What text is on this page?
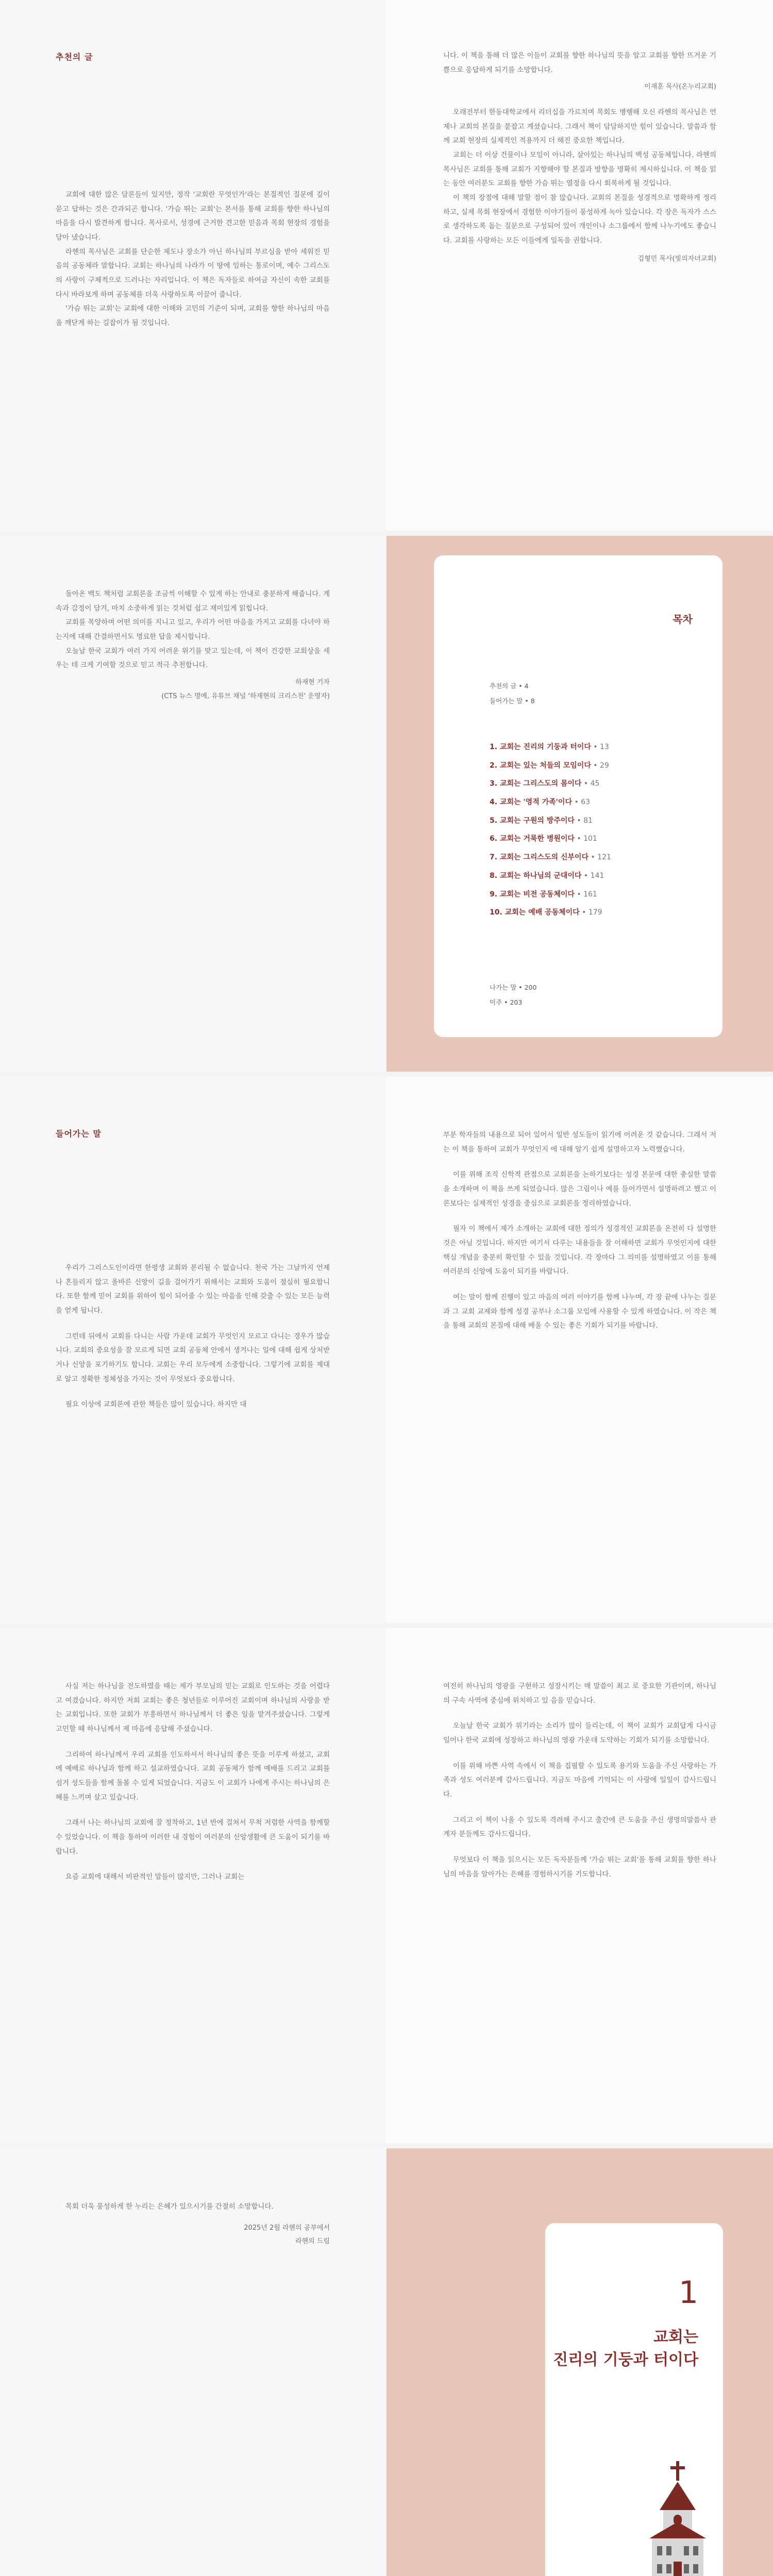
추천의 글

교회에 대한 많은 담론들이 있지만, 정작 '교회란 무엇인가'라는 본질적인 질문에 깊이 묻고 답하는 것은 간과되곤 합니다. '가슴 뛰는 교회'는 본서를 통해 교회를 향한 하나님의 마음을 다시 발견하게 합니다. 목사로서, 성경에 근거한 견고한 믿음과 목회 현장의 경험을 담아 냈습니다.

라헨의 목사님은 교회를 단순한 제도나 장소가 아닌 하나님의 부르심을 받아 세워진 믿음의 공동체라 말합니다. 교회는 하나님의 나라가 이 땅에 임하는 통로이며, 예수 그리스도의 사랑이 구체적으로 드러나는 자리입니다. 이 책은 독자들로 하여금 자신이 속한 교회를 다시 바라보게 하며 공동체를 더욱 사랑하도록 이끌어 줍니다.

'가슴 뛰는 교회'는 교회에 대한 이해와 고민의 기준이 되며, 교회를 향한 하나님의 마음을 깨닫게 하는 길잡이가 될 것입니다.

니다. 이 책을 통해 더 많은 이들이 교회를 향한 하나님의 뜻을 알고 교회를 향한 뜨거운 기쁨으로 응답하게 되기를 소망합니다.

이재훈 목사(온누리교회)

오래전부터 한동대학교에서 리더십을 가르치며 목회도 병행해 오신 라헨의 목사님은 언제나 교회의 본질을 붙잡고 계셨습니다. 그래서 책이 담담하지만 힘이 있습니다. 말씀과 함께 교회 현장의 실제적인 적용까지 더 해진 중요한 책입니다.

교회는 더 이상 건물이나 모임이 아니라, 살아있는 하나님의 백성 공동체입니다. 라헨의 목사님은 교회를 통해 교회가 지향해야 할 본질과 방향을 명확히 제시하십니다. 이 책을 읽는 동안 여러분도 교회를 향한 가슴 뛰는 열정을 다시 회복하게 될 것입니다.

이 책의 장점에 대해 말할 점이 참 많습니다. 교회의 본질을 성경적으로 명확하게 정리하고, 실제 목회 현장에서 경험한 이야기들이 풍성하게 녹아 있습니다. 각 장은 독자가 스스로 생각하도록 돕는 질문으로 구성되어 있어 개인이나 소그룹에서 함께 나누기에도 좋습니다. 교회를 사랑하는 모든 이들에게 일독을 권합니다.

김형민 목사(빛의자녀교회)

돌아온 백도 책처럼 교회론을 조금씩 이해할 수 있게 하는 안내로 충분하게 해줍니다. 계속과 감정이 담겨, 마치 소중하게 읽는 것처럼 쉽고 재미있게 읽힙니다.

교회를 목양하며 어떤 의미를 지니고 있고, 우리가 어떤 마음을 가지고 교회를 다녀야 하는지에 대해 간결하면서도 명료한 답을 제시합니다.

오늘날 한국 교회가 여러 가지 어려운 위기를 맞고 있는데, 이 책이 건강한 교회상을 세우는 데 크게 기여할 것으로 믿고 적극 추천합니다.

하재현 기자
(CTS 뉴스 명예, 유튜브 채널 '하재현의 크리스천' 운영자)
목차
추천의 글 • 4
들어가는 말 • 8
1. 교회는 진리의 기둥과 터이다 • 13
2. 교회는 있는 처들의 모임이다 • 29
3. 교회는 그리스도의 몸이다 • 45
4. 교회는 '영적 가족'이다 • 63
5. 교회는 구원의 방주이다 • 81
6. 교회는 거룩한 병원이다 • 101
7. 교회는 그리스도의 신부이다 • 121
8. 교회는 하나님의 군대이다 • 141
9. 교회는 비전 공동체이다 • 161
10. 교회는 예배 공동체이다 • 179
나가는 말 • 200
미주 • 203
들어가는 말

우리가 그리스도인이라면 한평생 교회와 분리될 수 없습니다. 천국 가는 그날까지 언제나 흔들리지 않고 올바른 신앙이 길을 걸어가기 위해서는 교회와 도움이 절실히 필요합니다. 또한 함께 믿어 교회를 위하여 힘이 되어줄 수 있는 마음을 인해 갖출 수 있는 모든 능력을 얻게 됩니다.

그런데 뒤에서 교회를 다니는 사람 가운데 교회가 무엇인지 모르고 다니는 경우가 많습니다. 교회의 중요성을 잘 모르게 되면 교회 공동체 안에서 생겨나는 일에 대해 쉽게 상처받거나 신앙을 포기하기도 합니다. 교회는 우리 모두에게 소중합니다. 그렇기에 교회를 제대로 알고 정확한 정체성을 가지는 것이 무엇보다 중요합니다.

필요 이상에 교회론에 관한 책들은 많이 있습니다. 하지만 대

부분 학자들의 내용으로 되어 있어서 일반 성도들이 읽기에 어려운 것 같습니다. 그래서 저는 이 책을 통하여 교회가 무엇인지 에 대해 알기 쉽게 설명하고자 노력했습니다.

이를 위해 조직 신학적 관점으로 교회론을 논하기보다는 성경 본문에 대한 충실한 말씀을 소개하며 이 책을 쓰게 되었습니다. 많은 그림이나 예를 들어가면서 설명하려고 했고 이론보다는 실제적인 성경을 중심으로 교회론을 정리하였습니다.

필자 이 책에서 제가 소개하는 교회에 대한 정의가 성경적인 교회론을 온전히 다 설명한 것은 아닐 것입니다. 하지만 여기서 다루는 내용들을 잘 이해하면 교회가 무엇인지에 대한 핵심 개념을 충분히 확인할 수 있을 것입니다. 각 장마다 그 의미를 설명하였고 이를 통해 여러분의 신앙에 도움이 되기를 바랍니다.

여는 말이 함께 진행이 있고 마음의 여러 이야기를 함께 나누며, 각 장 끝에 나누는 질문과 그 교회 교제와 함께 성경 공부나 소그룹 모임에 사용할 수 있게 하였습니다. 이 작은 책을 통해 교회의 본질에 대해 배울 수 있는 좋은 기회가 되기를 바랍니다.

사실 저는 하나님을 전도하였을 때는 제가 부모님의 믿는 교회로 인도하는 것을 어렵다고 여겼습니다. 하지만 저희 교회는 좋은 청년들로 이루어진 교회이며 하나님의 사랑을 받는 교회입니다. 또한 교회가 부흥하면서 하나님께서 더 좋은 일을 맡겨주셨습니다. 그렇게 고민할 때 하나님께서 제 마음에 응답해 주셨습니다.

그리하여 하나님께서 우리 교회를 인도하셔서 하나님의 좋은 뜻을 이루게 하셨고, 교회에 예배로 하나님과 함께 하고 설교하였습니다. 교회 공동체가 함께 예배를 드리고 교회를 섬겨 성도들을 함께 돌볼 수 있게 되었습니다. 지금도 이 교회가 나에게 주시는 하나님의 은혜를 느끼며 살고 있습니다.

그래서 나는 하나님의 교회에 잘 정착하고, 1년 반에 걸쳐서 무척 저렴한 사역을 함께할 수 있었습니다. 이 책을 통하여 이러한 내 경험이 여러분의 신앙생활에 큰 도움이 되기를 바랍니다.

요즘 교회에 대해서 비판적인 말들이 많지만, 그러나 교회는

여전히 하나님의 영광을 구현하고 성장시키는 매 말씀이 최고 로 중요한 기관이며, 하나님의 구속 사역에 중심에 위치하고 있 음을 믿습니다.

오늘날 한국 교회가 위기라는 소리가 많이 들리는데, 이 책이 교회가 교회답게 다시금 일어나 한국 교회에 성장하고 하나님의 영광 가운데 도약하는 기회가 되기를 소망합니다.

이를 위해 바쁜 사역 속에서 이 책을 집필할 수 있도록 용기와 도움을 주신 사랑하는 가족과 성도 여러분께 감사드립니다. 지금도 마음에 기억되는 이 사랑에 일일이 감사드립니다.

그리고 이 책이 나올 수 있도록 격려해 주시고 출간에 큰 도움을 주신 생명의말씀사 관계자 분들께도 감사드립니다.

무엇보다 이 책을 읽으시는 모든 독자분들께 '가슴 뛰는 교회'를 통해 교회를 향한 하나님의 마음을 알아가는 은혜를 경험하시기를 기도합니다.

목회 더욱 풍성하게 한 누리는 은혜가 있으시기를 간절히 소망합니다.

2025년 2월 라헨의 공부에서
라헨의 드림
1
교회는
진리의 기둥과 터이다
